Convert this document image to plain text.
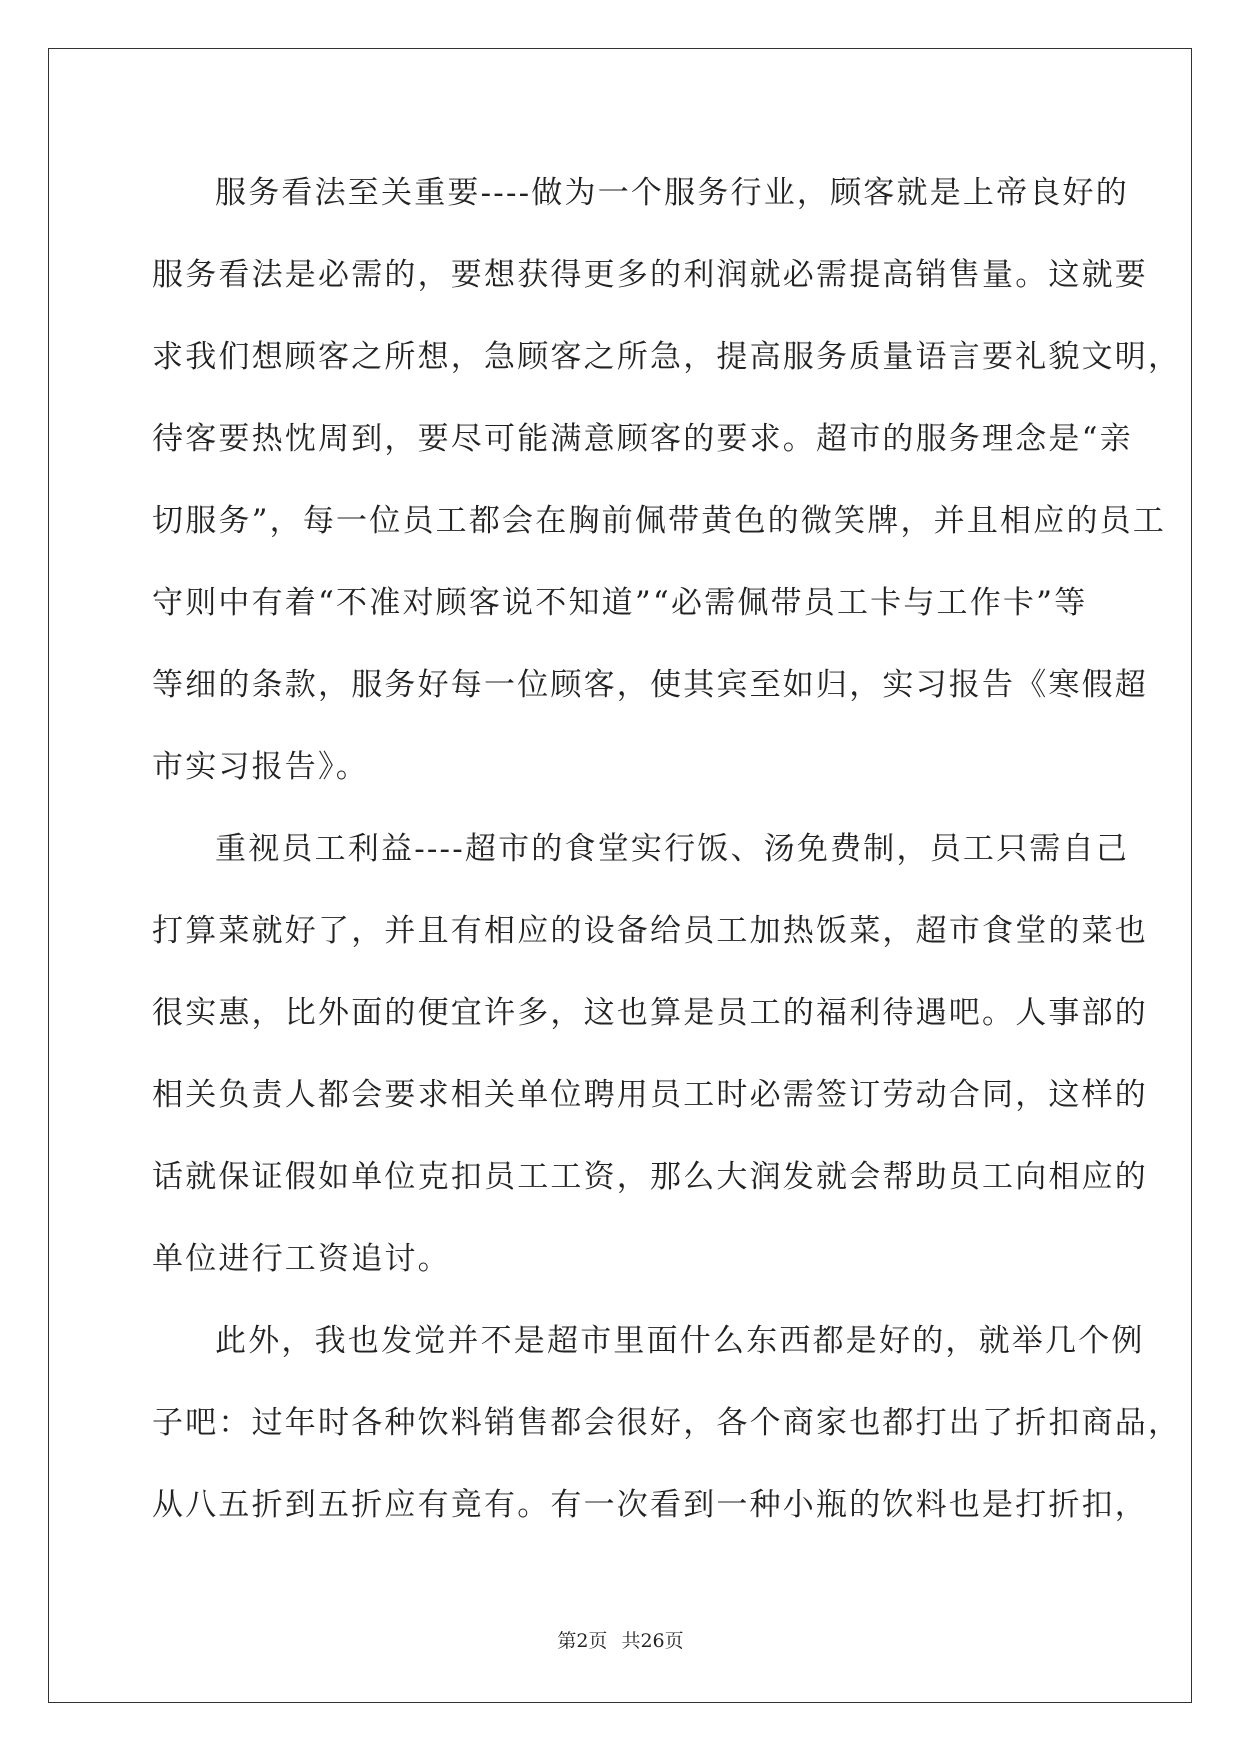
服务看法至关重要----做为一个服务行业，顾客就是上帝良好的
服务看法是必需的，要想获得更多的利润就必需提高销售量。这就要
求我们想顾客之所想，急顾客之所急，提高服务质量语言要礼貌文明，
待客要热忱周到，要尽可能满意顾客的要求。超市的服务理念是“亲
切服务”，每一位员工都会在胸前佩带黄色的微笑牌，并且相应的员工
守则中有着“不准对顾客说不知道”“必需佩带员工卡与工作卡”等
等细的条款，服务好每一位顾客，使其宾至如归，实习报告《寒假超
市实习报告》。
重视员工利益----超市的食堂实行饭、汤免费制，员工只需自己
打算菜就好了，并且有相应的设备给员工加热饭菜，超市食堂的菜也
很实惠，比外面的便宜许多，这也算是员工的福利待遇吧。人事部的
相关负责人都会要求相关单位聘用员工时必需签订劳动合同，这样的
话就保证假如单位克扣员工工资，那么大润发就会帮助员工向相应的
单位进行工资追讨。
此外，我也发觉并不是超市里面什么东西都是好的，就举几个例
子吧：过年时各种饮料销售都会很好，各个商家也都打出了折扣商品，
从八五折到五折应有竟有。有一次看到一种小瓶的饮料也是打折扣，
第2页 共26页
